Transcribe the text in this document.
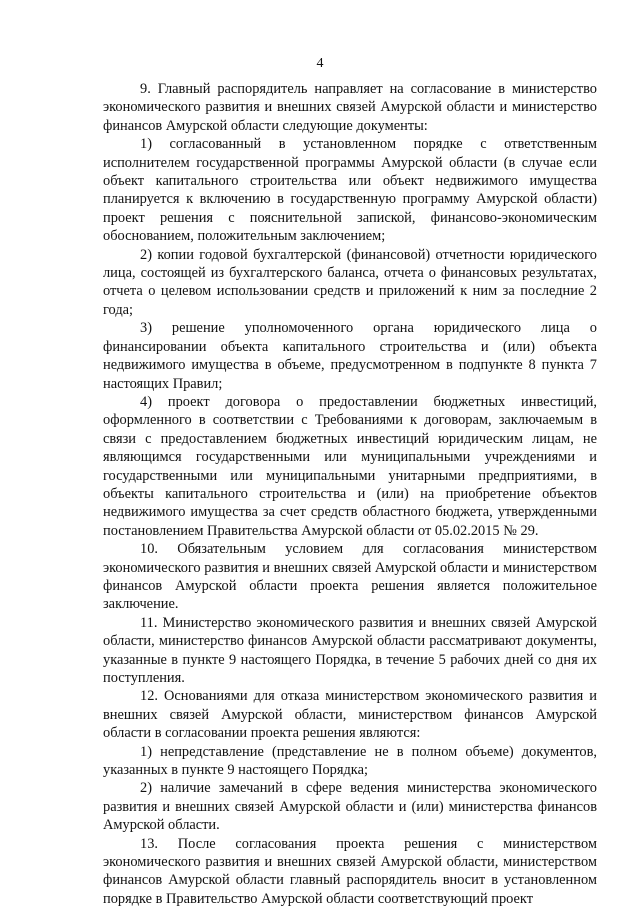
4

9. Главный распорядитель направляет на согласование в министерство экономического развития и внешних связей Амурской области и министерство финансов Амурской области следующие документы:

1) согласованный в установленном порядке с ответственным исполнителем государственной программы Амурской области (в случае если объект капитального строительства или объект недвижимого имущества планируется к включению в государственную программу Амурской области) проект решения с пояснительной запиской, финансово-экономическим обоснованием, положительным заключением;

2) копии годовой бухгалтерской (финансовой) отчетности юридического лица, состоящей из бухгалтерского баланса, отчета о финансовых результатах, отчета о целевом использовании средств и приложений к ним за последние 2 года;

3) решение уполномоченного органа юридического лица о финансировании объекта капитального строительства и (или) объекта недвижимого имущества в объеме, предусмотренном в подпункте 8 пункта 7 настоящих Правил;

4) проект договора о предоставлении бюджетных инвестиций, оформленного в соответствии с Требованиями к договорам, заключаемым в связи с предоставлением бюджетных инвестиций юридическим лицам, не являющимся государственными или муниципальными учреждениями и государственными или муниципальными унитарными предприятиями, в объекты капитального строительства и (или) на приобретение объектов недвижимого имущества за счет средств областного бюджета, утвержденными постановлением Правительства Амурской области от 05.02.2015 № 29.

10. Обязательным условием для согласования министерством экономического развития и внешних связей Амурской области и министерством финансов Амурской области проекта решения является положительное заключение.

11. Министерство экономического развития и внешних связей Амурской области, министерство финансов Амурской области рассматривают документы, указанные в пункте 9 настоящего Порядка, в течение 5 рабочих дней со дня их поступления.

12. Основаниями для отказа министерством экономического развития и внешних связей Амурской области, министерством финансов Амурской области в согласовании проекта решения являются:

1) непредставление (представление не в полном объеме) документов, указанных в пункте 9 настоящего Порядка;

2) наличие замечаний в сфере ведения министерства экономического развития и внешних связей Амурской области и (или) министерства финансов Амурской области.

13. После согласования проекта решения с министерством экономического развития и внешних связей Амурской области, министерством финансов Амурской области главный распорядитель вносит в установленном порядке в Правительство Амурской области соответствующий проект
